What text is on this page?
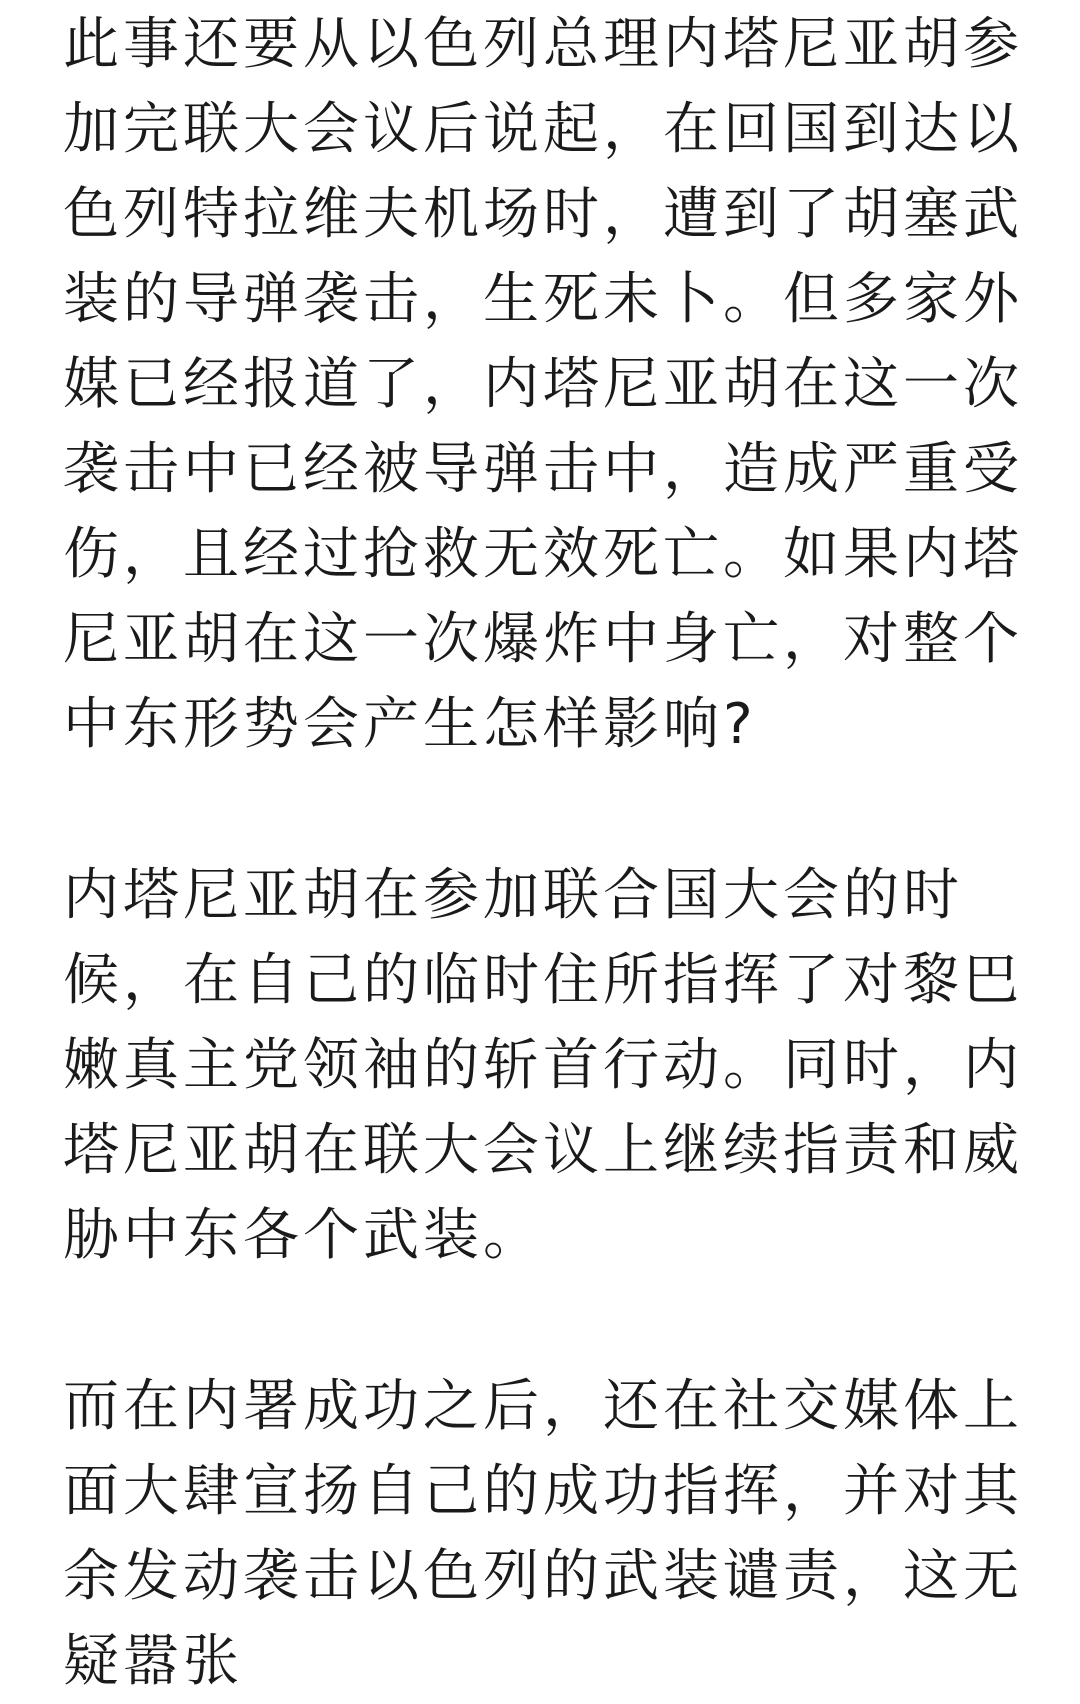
此事还要从以色列总理内塔尼亚胡参加完联大会议后说起，在回国到达以色列特拉维夫机场时，遭到了胡塞武装的导弹袭击，生死未卜。但多家外媒已经报道了，内塔尼亚胡在这一次袭击中已经被导弹击中，造成严重受伤，且经过抢救无效死亡。如果内塔尼亚胡在这一次爆炸中身亡，对整个中东形势会产生怎样影响?

内塔尼亚胡在参加联合国大会的时候，在自己的临时住所指挥了对黎巴嫩真主党领袖的斩首行动。同时，内塔尼亚胡在联大会议上继续指责和威胁中东各个武装。

而在内署成功之后，还在社交媒体上面大肆宣扬自己的成功指挥，并对其余发动袭击以色列的武装谴责，这无疑嚣张
